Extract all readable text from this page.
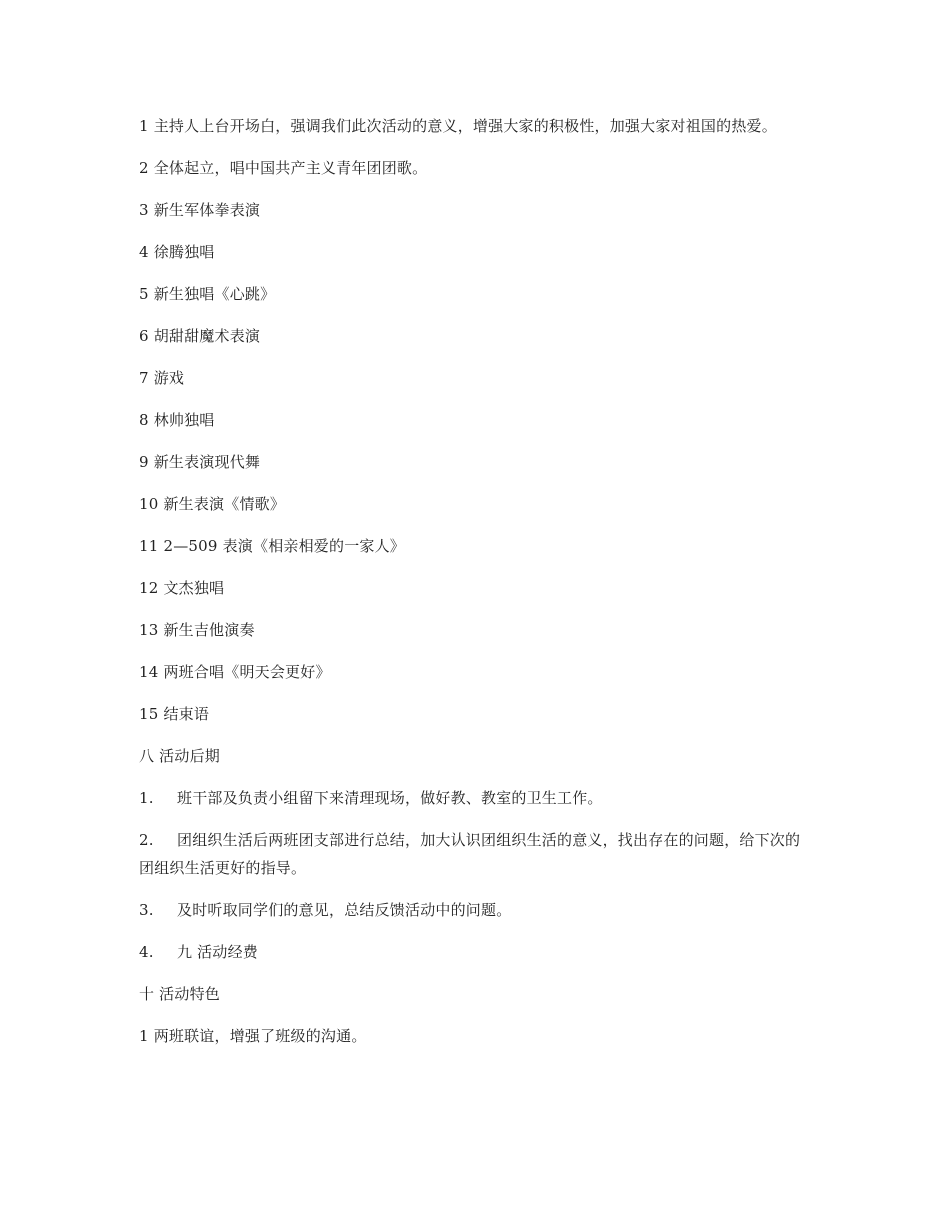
1 主持人上台开场白，强调我们此次活动的意义，增强大家的积极性，加强大家对祖国的热爱。

2 全体起立，唱中国共产主义青年团团歌。

3 新生军体拳表演

4 徐腾独唱

5 新生独唱《心跳》

6 胡甜甜魔术表演

7 游戏

8 林帅独唱

9 新生表演现代舞

10 新生表演《情歌》

11 2—509 表演《相亲相爱的一家人》

12 文杰独唱

13 新生吉他演奏

14 两班合唱《明天会更好》

15 结束语

八 活动后期

1. 班干部及负责小组留下来清理现场，做好教、教室的卫生工作。

2. 团组织生活后两班团支部进行总结，加大认识团组织生活的意义，找出存在的问题，给下次的团组织生活更好的指导。

3. 及时听取同学们的意见，总结反馈活动中的问题。

4. 九 活动经费

十 活动特色

1 两班联谊，增强了班级的沟通。
